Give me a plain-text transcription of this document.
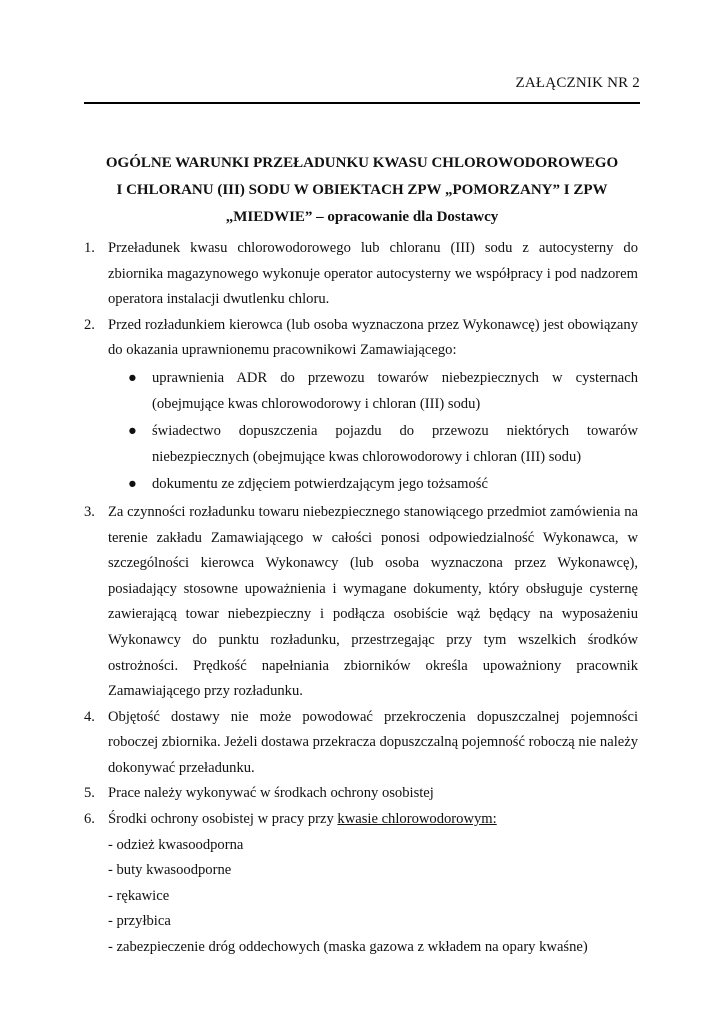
ZAŁĄCZNIK NR 2
OGÓLNE WARUNKI PRZEŁADUNKU KWASU CHLOROWODOROWEGO
I CHLORANU (III) SODU W OBIEKTACH ZPW „POMORZANY” I ZPW
„MIEDWIE” – opracowanie dla Dostawcy
1. Przeładunek kwasu chlorowodorowego lub chloranu (III) sodu z autocysterny do zbiornika magazynowego wykonuje operator autocysterny we współpracy i pod nadzorem operatora instalacji dwutlenku chloru.
2. Przed rozładunkiem kierowca (lub osoba wyznaczona przez Wykonawcę) jest obowiązany do okazania uprawnionemu pracownikowi Zamawiającego:
● uprawnienia ADR do przewozu towarów niebezpiecznych w cysternach (obejmujące kwas chlorowodorowy i chloran (III) sodu)
● świadectwo dopuszczenia pojazdu do przewozu niektórych towarów niebezpiecznych (obejmujące kwas chlorowodorowy i chloran (III) sodu)
● dokumentu ze zdjęciem potwierdzającym jego tożsamość
3. Za czynności rozładunku towaru niebezpiecznego stanowiącego przedmiot zamówienia na terenie zakładu Zamawiającego w całości ponosi odpowiedzialność Wykonawca, w szczególności kierowca Wykonawcy (lub osoba wyznaczona przez Wykonawcę), posiadający stosowne upoważnienia i wymagane dokumenty, który obsługuje cysternę zawierającą towar niebezpieczny i podłącza osobiście wąż będący na wyposażeniu Wykonawcy do punktu rozładunku, przestrzegając przy tym wszelkich środków ostrożności. Prędkość napełniania zbiorników określa upoważniony pracownik Zamawiającego przy rozładunku.
4. Objętość dostawy nie może powodować przekroczenia dopuszczalnej pojemności roboczej zbiornika. Jeżeli dostawa przekracza dopuszczalną pojemność roboczą nie należy dokonywać przeładunku.
5. Prace należy wykonywać w środkach ochrony osobistej
6. Środki ochrony osobistej w pracy przy kwasie chlorowodorowym:
- odzież kwasoodporna
- buty kwasoodporne
- rękawice
- przyłbica
- zabezpieczenie dróg oddechowych (maska gazowa z wkładem na opary kwaśne)
